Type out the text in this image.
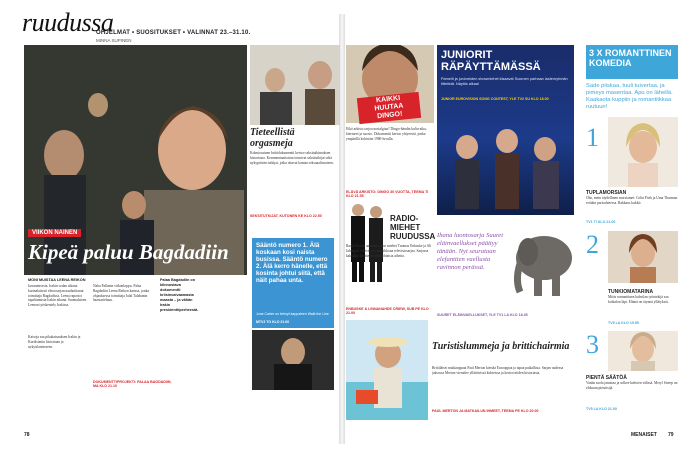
ruudussa
OHJELMAT • SUOSITUKSET • VALINNAT 23.–31.10.
MINNA SUPINEN
VIIKON NAINEN
Kipeä paluu Bagdadiin
MONI MUISTAA LEENA REIKON
kuvaamisesta. Irakin sodan aikana kurinalaisesti ehtoosarjan nauhoittanut toimittaja Bagdadissa. Leena raportoi tapahtumista Irakin aikana. Suomalaisen Leenan työskentely Irakissa.
Katsoja saa pikakatsauksen Irakin ja Kurdistanin historiaan ja nykytilanteeseen.
Naba Pallanin viikonloppu. Palaa Bagdadiin Leena Reikon kanssa, jonka ohjauksessa toimittaja Jalal Talabanin haastatteluun.
Palaa Bagdadiin on kiinnostava dokumentti kriisinvaivaamasta maasta – ja vähän Irakin presidenttiperheestä.
DOKUMENTTIPROJEKTI: PALAA BAGDADIIN, MA KLO 21.10
Tieteellistä orgasmeja
Kolmiosainen brittidokumentti kertoo seksitutkimuksen historiasta. Kommentaattorina toimivat seksitutkijat sekä nykypäivän tutkijat, jotka ottavat kantaa seksuaalisuuteen.
SEKSITUTKIJAT, KUTONEN KE KLO 22.50
Sääntö numero 1. Älä koskaan kosi naista busissa. Sääntö numero 2. Älä kerro hänelle, että kosinta johtui siitä, että näit pahaa unta.
June Carter on tehnyt kappaleen Walk the Line
MTV3 TO KLO 21.00
KAIKKI HUUTAA DINGO!
Eikö arkisto tarjoa nostalgiaa? Dingo-bändin kulta-aika, kiertueet ja suosio. Dokumentti kertoo yhtyeestä, jonka ympärillä kohistiin 1980-luvulla.
ELÄVÄ ARKISTO: DINGO 30 VUOTTA, TEEMA TI KLO 21.55
JUNIORIT RÄPÄYTTÄMÄSSÄ
Pamelit ja junioreiden showmiehet kisaavat Suomen parhaan lastenryhmän tittelistä. Näytös alkaa!
JUNIOR EUROVISION SONG CONTEST, YLE TV2 SU KLO 18.00
RADIO-MIEHET RUUDUSSA
Radio Novan aamuista tutut miehet Tuomas Enbuske ja Ali Jahangiri tekevät nyt kaksikkona televisiosarjaa. Sarjassa kaksikko käsittelee ajankohtaisia aiheita.
ENBUSKE & LINNANAHDE CRIEW, SUB PE KLO 21.00
Ihana luontosarja Suuret eläinvaellukset päättyy tänään. Nyt seurataan elefanttien vaellusta ravinnon perässä.
SUURET ELÄINVAELLUKSET, YLE TV1 LA KLO 18.45
Turistislummeja ja brittichairmia
Brittiläiset matkaoppaat Paul Merton kiertää Eurooppaa ja tapaa paikallisia. Sarjan uudessa jaksossa Merton vierailee yllättävissä kohteissa ja kertoo niiden historiasta.
PAUL MERTON JA MATKAILUN IHMEET, TEEMA PE KLO 20.00
3 X ROMANTTINEN KOMEDIA
Sade piiskaa, tuuli tuivertaa, ja pimeys masentaa. Apu on lähellä. Kaakaota kuppiin ja romantiikkaa ruutuun!
1
TUPLAMORSIAN
Oho, mein täydellinen morsiamet: Colin Firth ja Uma Thurman erittäin parisuhteessa. Rakkaus kukkii.
TV1 TI KLO 21.00
2
TUNKIOMATARINA
Mitäs romanttinen kahvilan työntekijä saa kohtalon läpi. Elämä on täynnä yllätyksiä.
TV5 LA KLO 19.55
3
PIENTÄ SÄÄTÖÄ
Vanha suola janottaa ja solkee kahvien välissä. Meryl Streep on elokuun pirtuitsijä.
TV5 LA KLO 21.00
78	MENAISET 79
